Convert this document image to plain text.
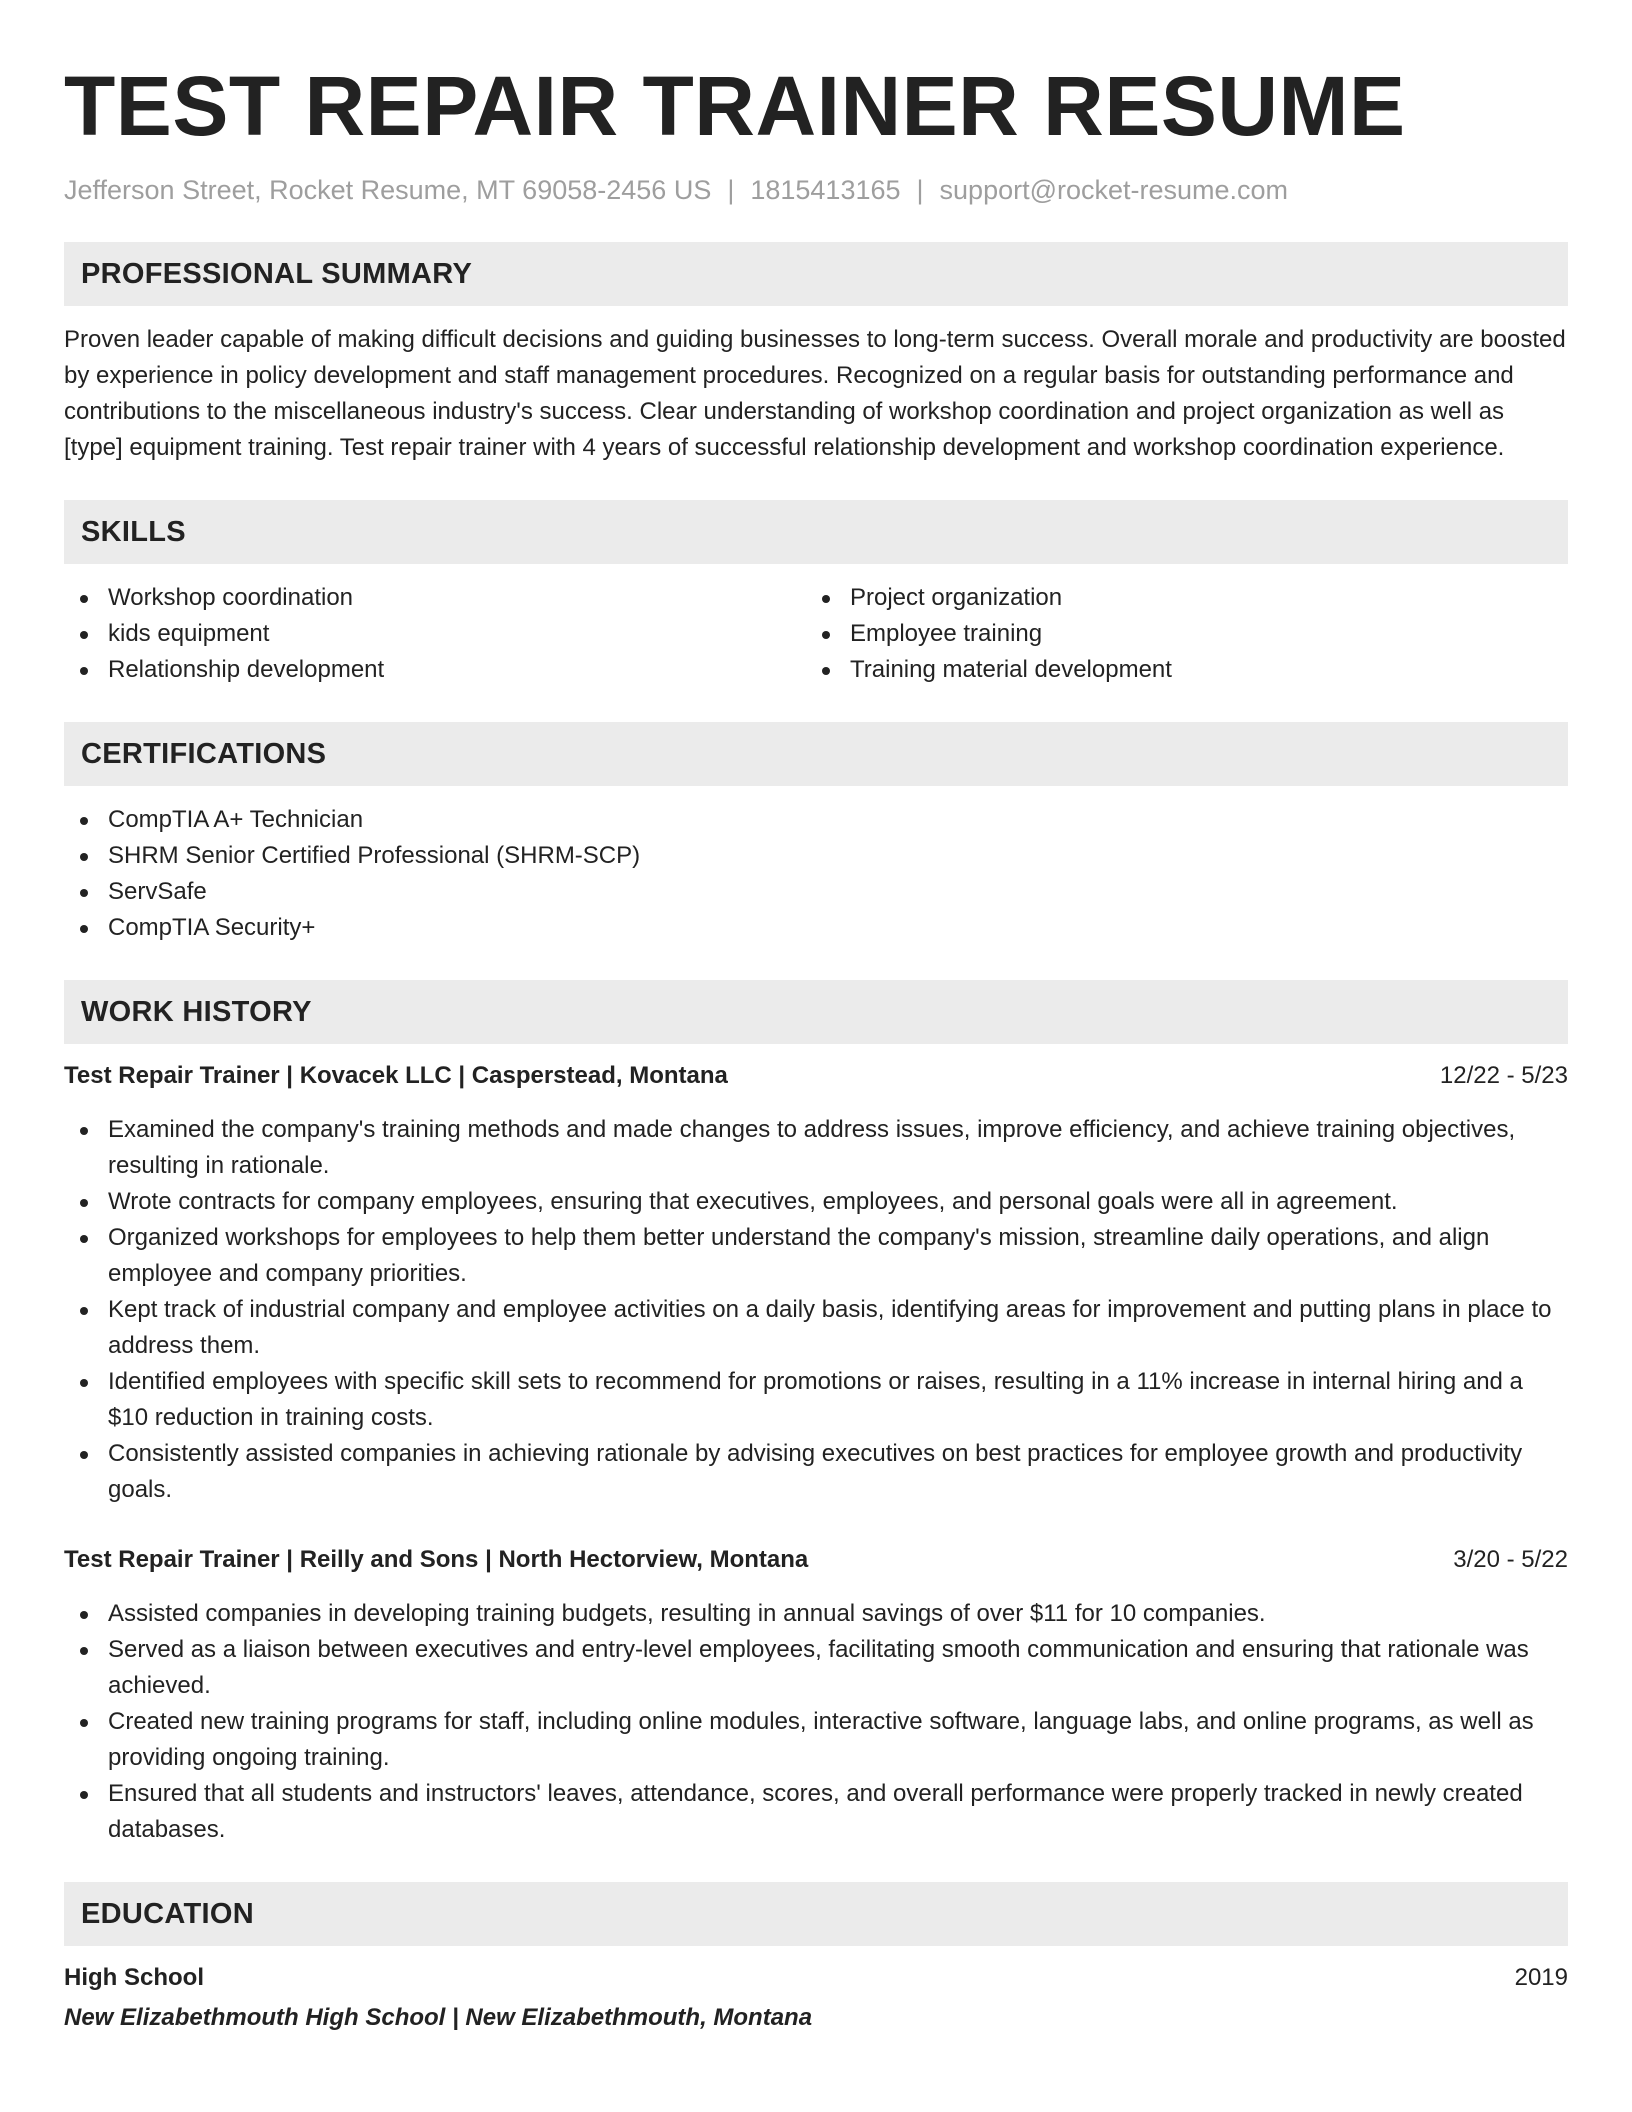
TEST REPAIR TRAINER RESUME
Jefferson Street, Rocket Resume, MT 69058-2456 US | 1815413165 | support@rocket-resume.com
PROFESSIONAL SUMMARY

Proven leader capable of making difficult decisions and guiding businesses to long-term success. Overall morale and productivity are boosted by experience in policy development and staff management procedures. Recognized on a regular basis for outstanding performance and contributions to the miscellaneous industry's success. Clear understanding of workshop coordination and project organization as well as [type] equipment training. Test repair trainer with 4 years of successful relationship development and workshop coordination experience.

SKILLS
Workshop coordination
kids equipment
Relationship development
Project organization
Employee training
Training material development
CERTIFICATIONS
CompTIA A+ Technician
SHRM Senior Certified Professional (SHRM-SCP)
ServSafe
CompTIA Security+
WORK HISTORY
Test Repair Trainer | Kovacek LLC | Casperstead, Montana	12/22 - 5/23
Examined the company's training methods and made changes to address issues, improve efficiency, and achieve training objectives, resulting in rationale.
Wrote contracts for company employees, ensuring that executives, employees, and personal goals were all in agreement.
Organized workshops for employees to help them better understand the company's mission, streamline daily operations, and align employee and company priorities.
Kept track of industrial company and employee activities on a daily basis, identifying areas for improvement and putting plans in place to address them.
Identified employees with specific skill sets to recommend for promotions or raises, resulting in a 11% increase in internal hiring and a $10 reduction in training costs.
Consistently assisted companies in achieving rationale by advising executives on best practices for employee growth and productivity goals.
Test Repair Trainer | Reilly and Sons | North Hectorview, Montana	3/20 - 5/22
Assisted companies in developing training budgets, resulting in annual savings of over $11 for 10 companies.
Served as a liaison between executives and entry-level employees, facilitating smooth communication and ensuring that rationale was achieved.
Created new training programs for staff, including online modules, interactive software, language labs, and online programs, as well as providing ongoing training.
Ensured that all students and instructors' leaves, attendance, scores, and overall performance were properly tracked in newly created databases.
EDUCATION
High School	2019
New Elizabethmouth High School | New Elizabethmouth, Montana
